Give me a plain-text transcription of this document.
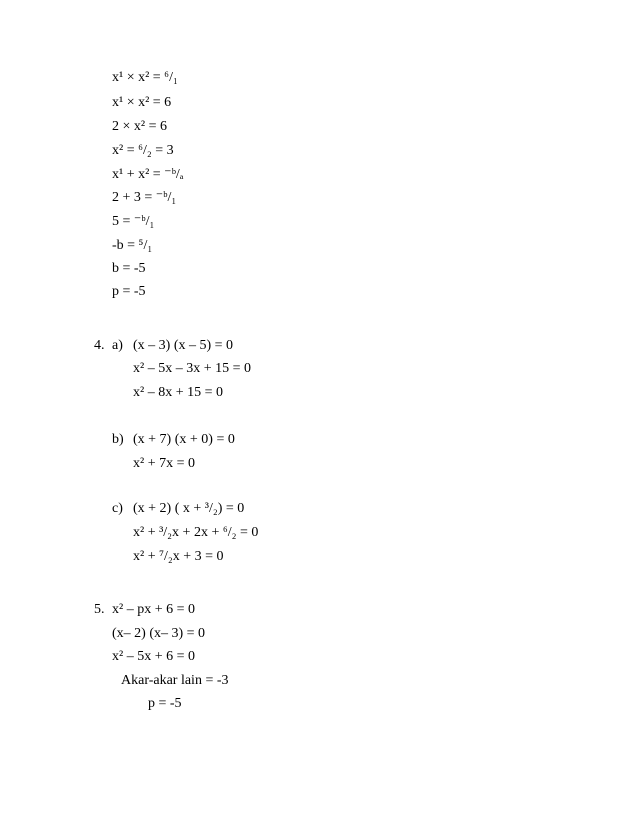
x¹ × x² = ⁶/₁
x¹ × x² = 6
2 × x² = 6
x² = ⁶/₂ = 3
x¹ + x² = ⁻ᵇ/ₐ
2 + 3 = ⁻ᵇ/₁
5 = ⁻ᵇ/₁
-b = ⁵/₁
b = -5
p = -5
4. a) (x – 3) (x – 5) = 0
x² – 5x – 3x + 15 = 0
x² – 8x + 15 = 0
b) (x + 7) (x + 0) = 0
x² + 7x = 0
c) (x + 2) ( x + ³/₂) = 0
x² + ³/₂x + 2x + ⁶/₂ = 0
x² + ⁷/₂x + 3 = 0
5. x² – px + 6 = 0
(x– 2) (x– 3) = 0
x² – 5x + 6 = 0
Akar-akar lain = -3
p = -5
